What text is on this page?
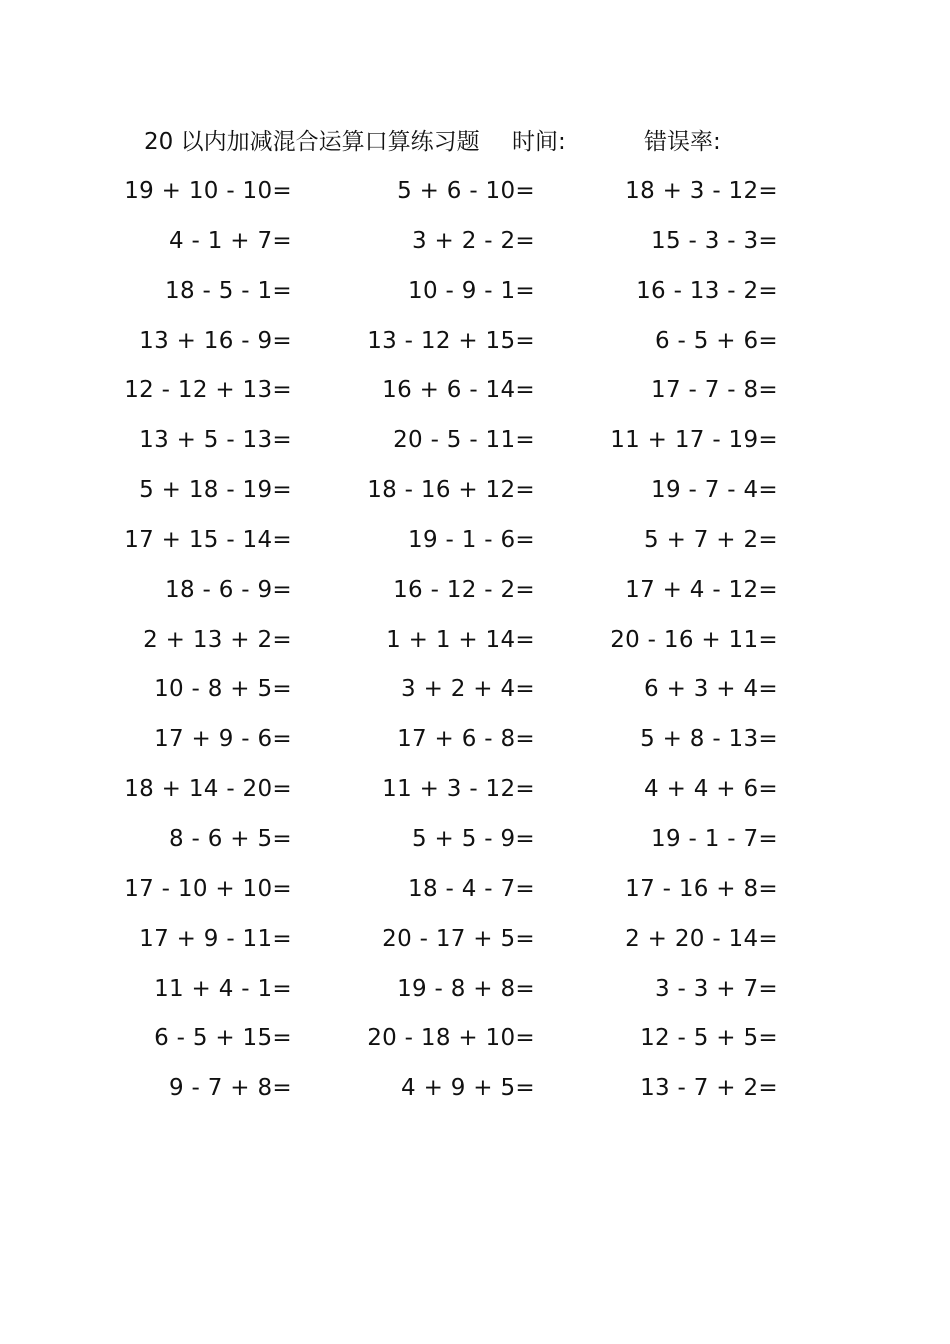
20 以内加减混合运算口算练习题 时间:	错误率:
19 + 10 - 10=	5 + 6 - 10=	18 + 3 - 12=
4 - 1 + 7=	3 + 2 - 2=	15 - 3 - 3=
18 - 5 - 1=	10 - 9 - 1=	16 - 13 - 2=
13 + 16 - 9=	13 - 12 + 15=	6 - 5 + 6=
12 - 12 + 13=	16 + 6 - 14=	17 - 7 - 8=
13 + 5 - 13=	20 - 5 - 11=	11 + 17 - 19=
5 + 18 - 19=	18 - 16 + 12=	19 - 7 - 4=
17 + 15 - 14=	19 - 1 - 6=	5 + 7 + 2=
18 - 6 - 9=	16 - 12 - 2=	17 + 4 - 12=
2 + 13 + 2=	1 + 1 + 14=	20 - 16 + 11=
10 - 8 + 5=	3 + 2 + 4=	6 + 3 + 4=
17 + 9 - 6=	17 + 6 - 8=	5 + 8 - 13=
18 + 14 - 20=	11 + 3 - 12=	4 + 4 + 6=
8 - 6 + 5=	5 + 5 - 9=	19 - 1 - 7=
17 - 10 + 10=	18 - 4 - 7=	17 - 16 + 8=
17 + 9 - 11=	20 - 17 + 5=	2 + 20 - 14=
11 + 4 - 1=	19 - 8 + 8=	3 - 3 + 7=
6 - 5 + 15=	20 - 18 + 10=	12 - 5 + 5=
9 - 7 + 8=	4 + 9 + 5=	13 - 7 + 2=
